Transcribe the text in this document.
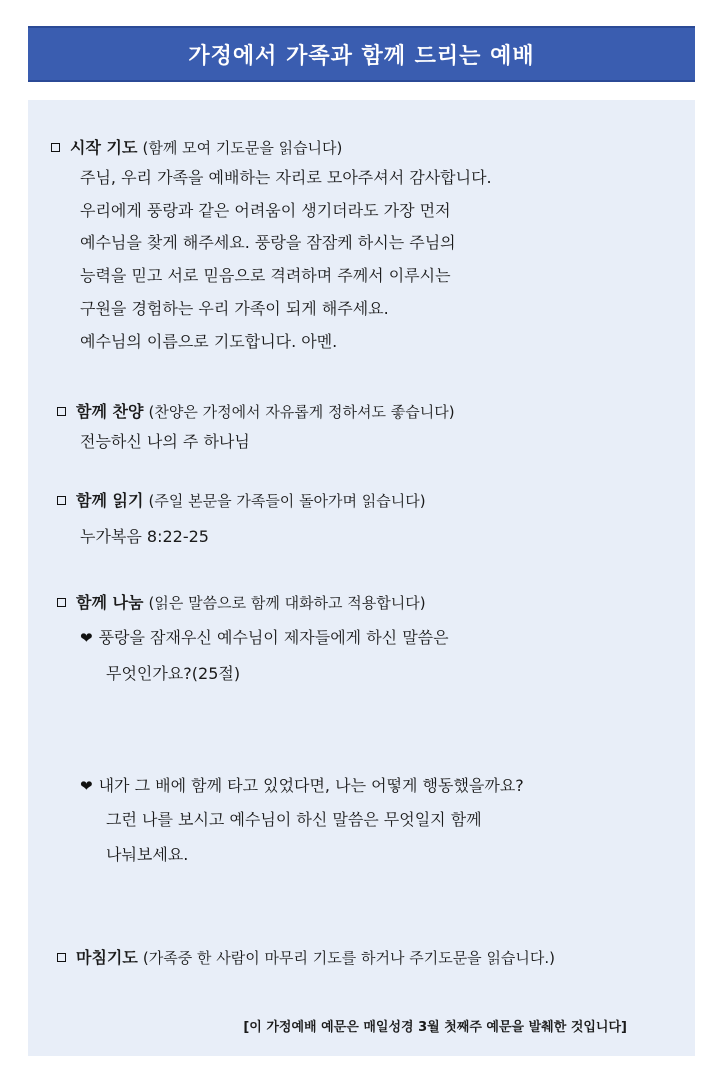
가정에서 가족과 함께 드리는 예배
시작 기도 (함께 모여 기도문을 읽습니다)
주님, 우리 가족을 예배하는 자리로 모아주셔서 감사합니다.
우리에게 풍랑과 같은 어려움이 생기더라도 가장 먼저
예수님을 찾게 해주세요. 풍랑을 잠잠케 하시는 주님의
능력을 믿고 서로 믿음으로 격려하며 주께서 이루시는
구원을 경험하는 우리 가족이 되게 해주세요.
예수님의 이름으로 기도합니다. 아멘.
함께 찬양 (찬양은 가정에서 자유롭게 정하셔도 좋습니다)
전능하신 나의 주 하나님
함께 읽기 (주일 본문을 가족들이 돌아가며 읽습니다)
누가복음 8:22-25
함께 나눔 (읽은 말씀으로 함께 대화하고 적용합니다)
❤ 풍랑을 잠재우신 예수님이 제자들에게 하신 말씀은
무엇인가요?(25절)
❤ 내가 그 배에 함께 타고 있었다면, 나는 어떻게 행동했을까요?
그런 나를 보시고 예수님이 하신 말씀은 무엇일지 함께
나눠보세요.
마침기도 (가족중 한 사람이 마무리 기도를 하거나 주기도문을 읽습니다.)
[이 가정예배 예문은 매일성경 3월 첫째주 예문을 발췌한 것입니다]
